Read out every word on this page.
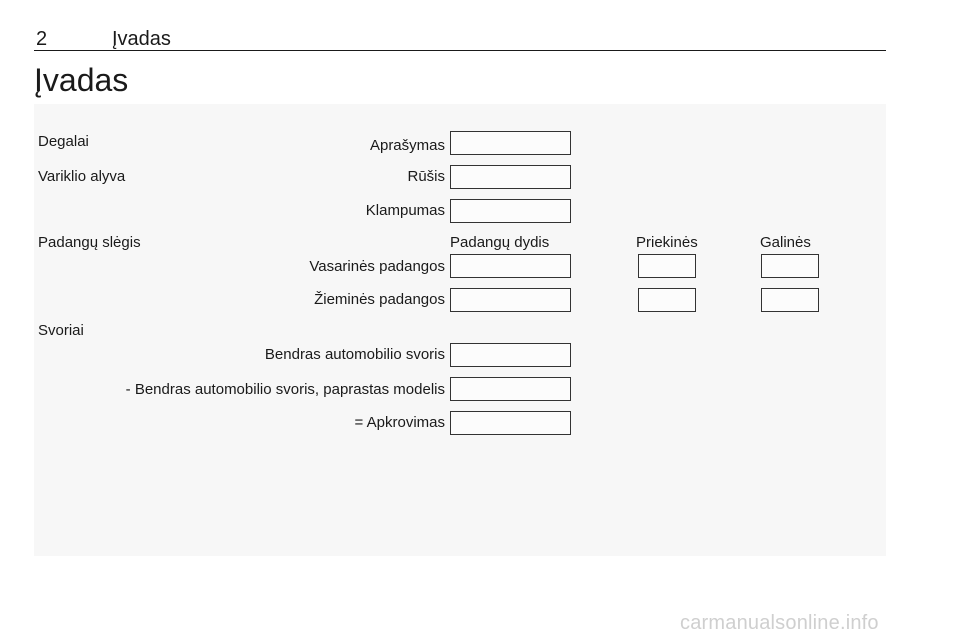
2	Įvadas
Įvadas
Degalai	Aprašymas
Variklio alyva	Rūšis
Klampumas
Padangų slėgis	Padangų dydis	Priekinės	Galinės
Vasarinės padangos
Žieminės padangos
Svoriai
Bendras automobilio svoris
- Bendras automobilio svoris, paprastas modelis
= Apkrovimas
carmanualsonline.info
